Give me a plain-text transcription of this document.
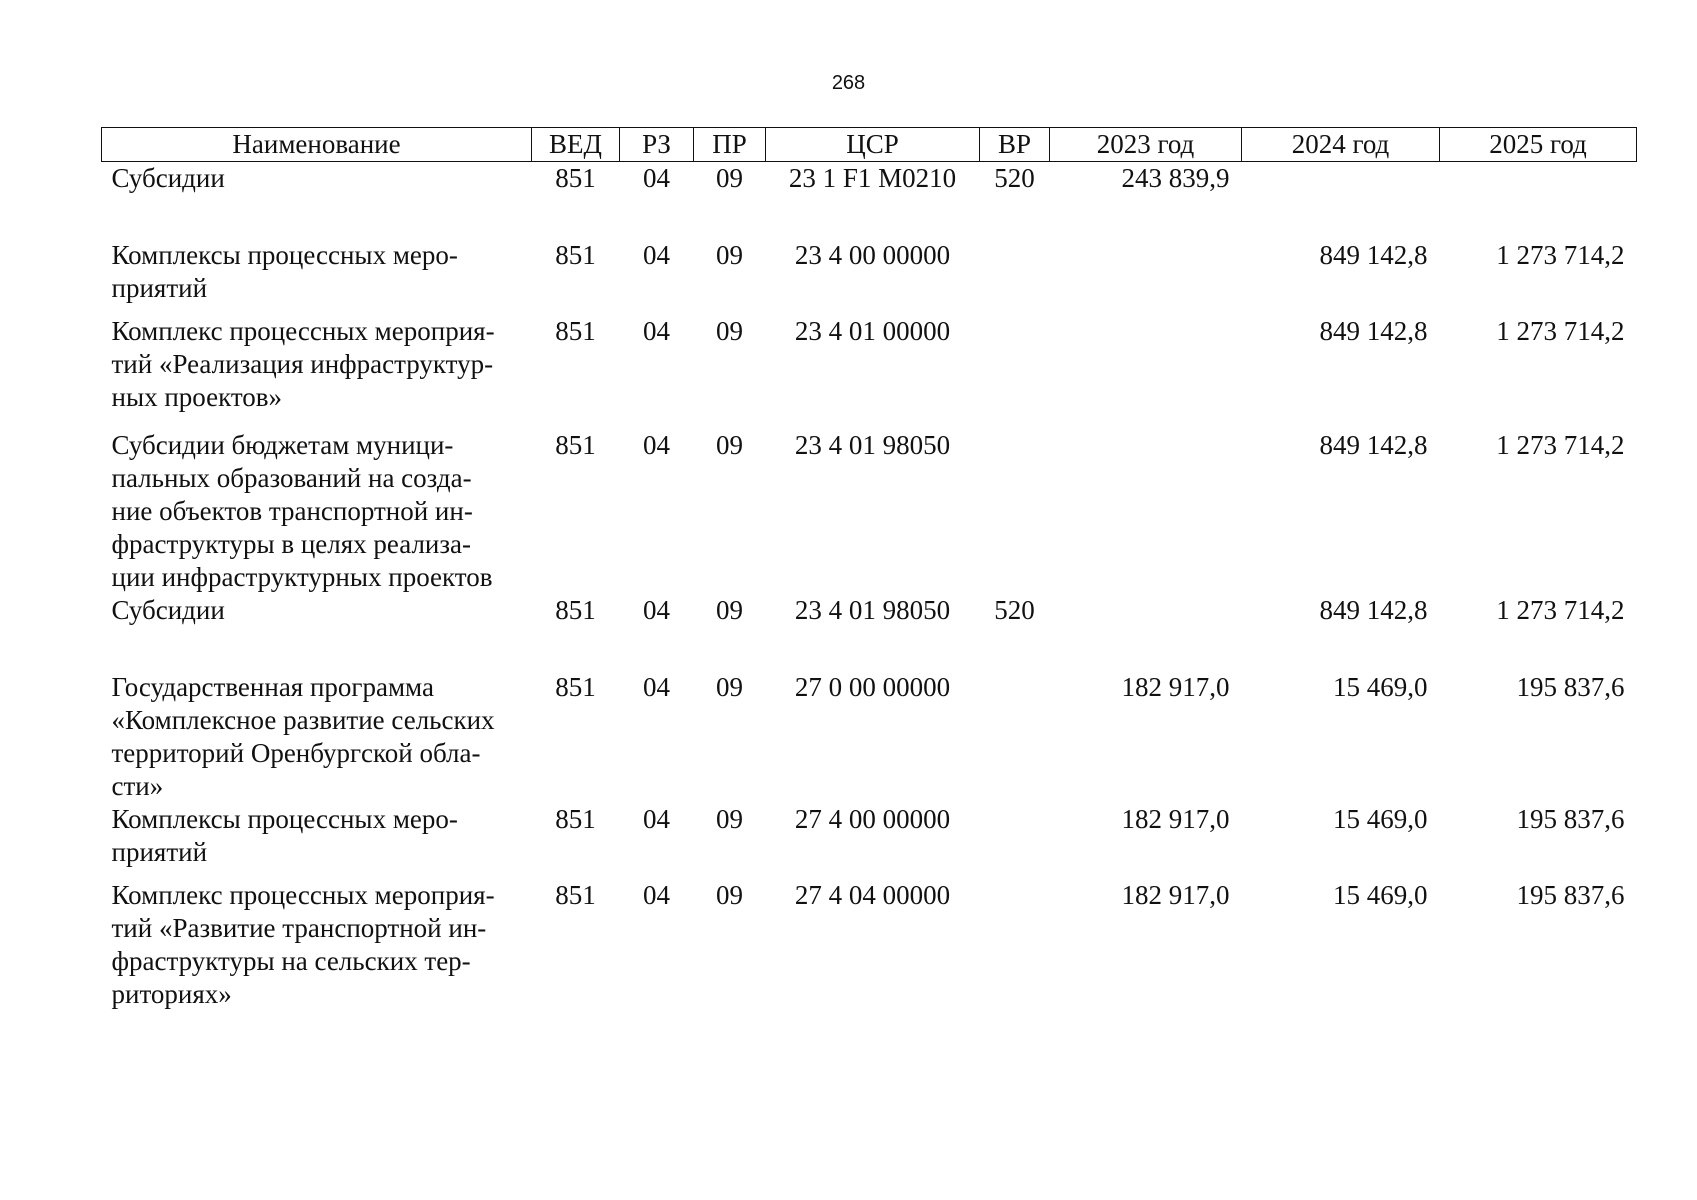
268
Наименование	ВЕД	РЗ	ПР	ЦСР	ВР	2023 год	2024 год	2025 год

Субсидии	851	04	09	23 1 F1 M0210	520	243 839,9		

Комплексы процессных меро-
приятий	851	04	09	23 4 00 00000			849 142,8	1 273 714,2

Комплекс процессных мероприя-
тий «Реализация инфраструктур-
ных проектов»	851	04	09	23 4 01 00000			849 142,8	1 273 714,2

Субсидии бюджетам муници-
пальных образований на созда-
ние объектов транспортной ин-
фраструктуры в целях реализа-
ции инфраструктурных проектов	851	04	09	23 4 01 98050			849 142,8	1 273 714,2

Субсидии	851	04	09	23 4 01 98050	520		849 142,8	1 273 714,2

Государственная программа
«Комплексное развитие сельских
территорий Оренбургской обла-
сти»	851	04	09	27 0 00 00000		182 917,0	15 469,0	195 837,6

Комплексы процессных меро-
приятий	851	04	09	27 4 00 00000		182 917,0	15 469,0	195 837,6

Комплекс процессных мероприя-
тий «Развитие транспортной ин-
фраструктуры на сельских тер-
риториях»	851	04	09	27 4 04 00000		182 917,0	15 469,0	195 837,6
